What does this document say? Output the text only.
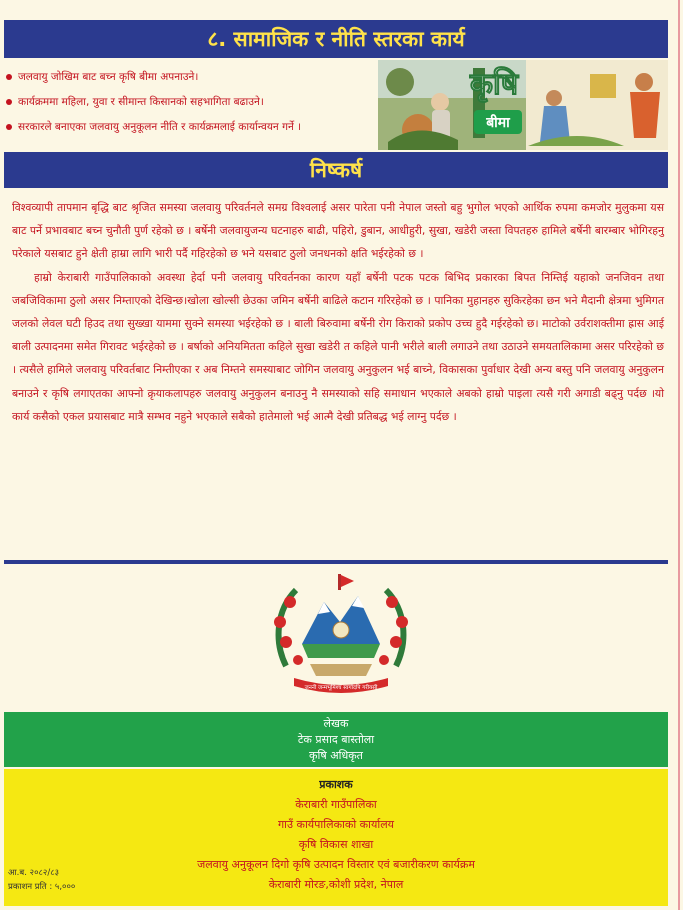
८. सामाजिक र नीति स्तरका कार्य
जलवायु जोखिम बाट बच्न कृषि बीमा अपनाउने।
कार्यक्रममा महिला, युवा र सीमान्त किसानको सहभागिता बढाउने।
सरकारले बनाएका जलवायु अनुकूलन नीति र कार्यक्रमलाई कार्यान्वयन गर्ने ।
कृषि
बीमा
निष्कर्ष

विश्वव्यापी तापमान बृद्धि बाट श्रृजित समस्या जलवायु परिवर्तनले समग्र विश्वलाई असर पारेता पनी नेपाल जस्तो बहु भुगोल भएको आर्थिक रुपमा कमजोर मुलुकमा यस बाट पर्ने प्रभावबाट बच्न चुनौती पुर्ण रहेको छ । बर्षेनी जलवायुजन्य घटनाहरु बाढी, पहिरो, डुबान, आधीहुरी, सुखा, खडेरी जस्ता विपतहरु हामिले बर्षेनी बारम्बार भोगिरहनु परेकाले यसबाट हुने क्षेती हाम्रा लागि भारी पर्दै गहिरहेको छ भने यसबाट ठुलो जनधनको क्षति भईरहेको छ ।

हाम्रो केराबारी गाउँपालिकाको अवस्था हेर्दा पनी जलवायु परिवर्तनका कारण यहाँ बर्षेनी पटक पटक बिभिद प्रकारका बिपत निम्तिई यहाको जनजिवन तथा जबजिविकामा ठुलो असर निम्ताएको देखिन्छ।खोला खोल्सी छेउका जमिन बर्षेनी बाढिले कटान गरिरहेको छ । पानिका मुहानहरु सुकिरहेका छन भने मैदानी क्षेत्रमा भुमिगत जलको लेवल घटी हिउद तथा सुख्खा याममा सुक्ने समस्या भईरहेको छ । बाली बिरुवामा बर्षेनी रोग किराको प्रकोप उच्च हुदै गईरहेको छ। माटोको उर्वराशक्तीमा ह्रास आई बाली उत्पादनमा समेत गिरावट भईरहेको छ । बर्षाको अनियमितता कहिले सुखा खडेरी त कहिले पानी भरीले बाली लगाउने तथा उठाउने समयतालिकामा असर परिरहेको छ । त्यसैले हामिले जलवायु परिवर्तबाट निम्तीएका र अब निम्तने समस्याबाट जोगिन जलवायु अनुकुलन भई बाच्ने, विकासका पुर्वाधार देखी अन्य बस्तु पनि जलवायु अनुकुलन बनाउने र कृषि लगाएतका आफ्नो क्रृयाकलापहरु जलवायु अनुकुलन बनाउनु नै समस्याको सहि समाधान भएकाले अबको हाम्रो पाइला त्यसै गरी अगाडी बढ्नु पर्दछ ।यो कार्य कसैको एकल प्रयासबाट मात्रै सम्भव नहुने भएकाले सबैको हातेमालो भई आत्मै देखी प्रतिबद्ध भई लाग्नु पर्दछ ।

जननी जन्मभूमिश्च स्वर्गादपि गरीयसी
लेखक
टेक प्रसाद बास्तोला
कृषि अधिकृत
प्रकाशक
केराबारी गाउँपालिका
गाउँ कार्यपालिकाको कार्यालय
कृषि विकास शाखा
जलवायु अनुकूलन दिगो कृषि उत्पादन विस्तार एवं बजारीकरण कार्यक्रम
केराबारी मोरङ,कोशी प्रदेश, नेपाल
आ.ब. २०८२/८३
प्रकाशन प्रति : ५,०००
